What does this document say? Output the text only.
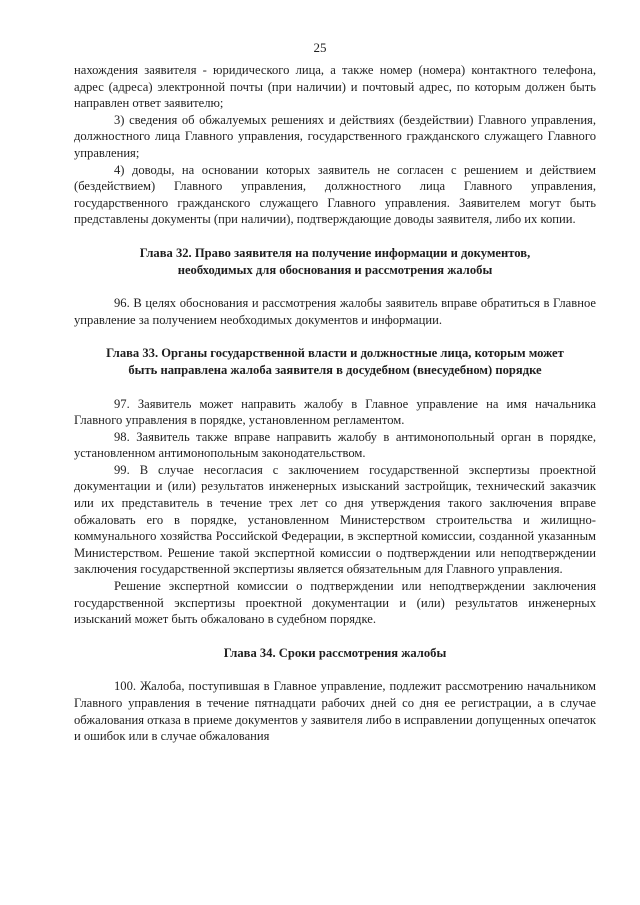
25

нахождения заявителя - юридического лица, а также номер (номера) контактного телефона, адрес (адреса) электронной почты (при наличии) и почтовый адрес, по которым должен быть направлен ответ заявителю;

3) сведения об обжалуемых решениях и действиях (бездействии) Главного управления, должностного лица Главного управления, государственного гражданского служащего Главного управления;

4) доводы, на основании которых заявитель не согласен с решением и действием (бездействием) Главного управления, должностного лица Главного управления, государственного гражданского служащего Главного управления. Заявителем могут быть представлены документы (при наличии), подтверждающие доводы заявителя, либо их копии.

Глава 32. Право заявителя на получение информации и документов,
необходимых для обоснования и рассмотрения жалобы

96. В целях обоснования и рассмотрения жалобы заявитель вправе обратиться в Главное управление за получением необходимых документов и информации.

Глава 33. Органы государственной власти и должностные лица, которым может
быть направлена жалоба заявителя в досудебном (внесудебном) порядке

97. Заявитель может направить жалобу в Главное управление на имя начальника Главного управления в порядке, установленном регламентом.

98. Заявитель также вправе направить жалобу в антимонопольный орган в порядке, установленном антимонопольным законодательством.

99. В случае несогласия с заключением государственной экспертизы проектной документации и (или) результатов инженерных изысканий застройщик, технический заказчик или их представитель в течение трех лет со дня утверждения такого заключения вправе обжаловать его в порядке, установленном Министерством строительства и жилищно-коммунального хозяйства Российской Федерации, в экспертной комиссии, созданной указанным Министерством. Решение такой экспертной комиссии о подтверждении или неподтверждении заключения государственной экспертизы является обязательным для Главного управления.

Решение экспертной комиссии о подтверждении или неподтверждении заключения государственной экспертизы проектной документации и (или) результатов инженерных изысканий может быть обжаловано в судебном порядке.

Глава 34. Сроки рассмотрения жалобы

100. Жалоба, поступившая в Главное управление, подлежит рассмотрению начальником Главного управления в течение пятнадцати рабочих дней со дня ее регистрации, а в случае обжалования отказа в приеме документов у заявителя либо в исправлении допущенных опечаток и ошибок или в случае обжалования
